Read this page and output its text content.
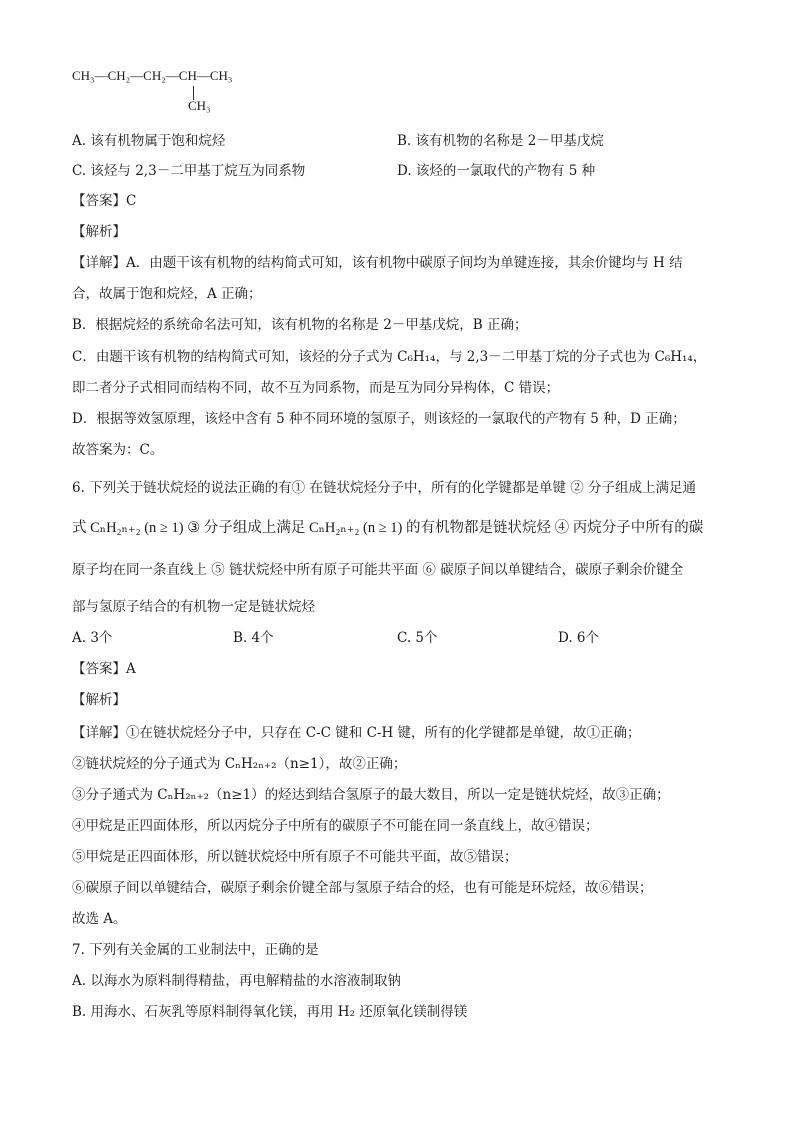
CH₃—CH₂—CH₂—CH—CH₃
CH₃
A. 该有机物属于饱和烷烃	B. 该有机物的名称是 2－甲基戊烷
C. 该烃与 2,3－二甲基丁烷互为同系物	D. 该烃的一氯取代的产物有 5 种
【答案】C
【解析】
【详解】A．由题干该有机物的结构简式可知，该有机物中碳原子间均为单键连接，其余价键均与 H 结
合，故属于饱和烷烃，A 正确；
B．根据烷烃的系统命名法可知，该有机物的名称是 2－甲基戊烷，B 正确；
C．由题干该有机物的结构简式可知，该烃的分子式为 C₆H₁₄，与 2,3－二甲基丁烷的分子式也为 C₆H₁₄，
即二者分子式相同而结构不同，故不互为同系物，而是互为同分异构体，C 错误；
D．根据等效氢原理，该烃中含有 5 种不同环境的氢原子，则该烃的一氯取代的产物有 5 种，D 正确；
故答案为：C。
6. 下列关于链状烷烃的说法正确的有① 在链状烷烃分子中，所有的化学键都是单键 ② 分子组成上满足通
式 CₙH₂ₙ₊₂ (n ≥ 1) ③ 分子组成上满足 CₙH₂ₙ₊₂ (n ≥ 1) 的有机物都是链状烷烃 ④ 丙烷分子中所有的碳
原子均在同一条直线上 ⑤ 链状烷烃中所有原子可能共平面 ⑥ 碳原子间以单键结合，碳原子剩余价键全
部与氢原子结合的有机物一定是链状烷烃
A. 3个	B. 4个	C. 5个	D. 6个
【答案】A
【解析】
【详解】①在链状烷烃分子中，只存在 C-C 键和 C-H 键，所有的化学键都是单键，故①正确；
②链状烷烃的分子通式为 CₙH₂ₙ₊₂（n≥1），故②正确；
③分子通式为 CₙH₂ₙ₊₂（n≥1）的烃达到结合氢原子的最大数目，所以一定是链状烷烃，故③正确；
④甲烷是正四面体形，所以丙烷分子中所有的碳原子不可能在同一条直线上，故④错误；
⑤甲烷是正四面体形，所以链状烷烃中所有原子不可能共平面，故⑤错误；
⑥碳原子间以单键结合，碳原子剩余价键全部与氢原子结合的烃，也有可能是环烷烃，故⑥错误；
故选 A。
7. 下列有关金属的工业制法中，正确的是
A. 以海水为原料制得精盐，再电解精盐的水溶液制取钠
B. 用海水、石灰乳等原料制得氧化镁，再用 H₂ 还原氧化镁制得镁
